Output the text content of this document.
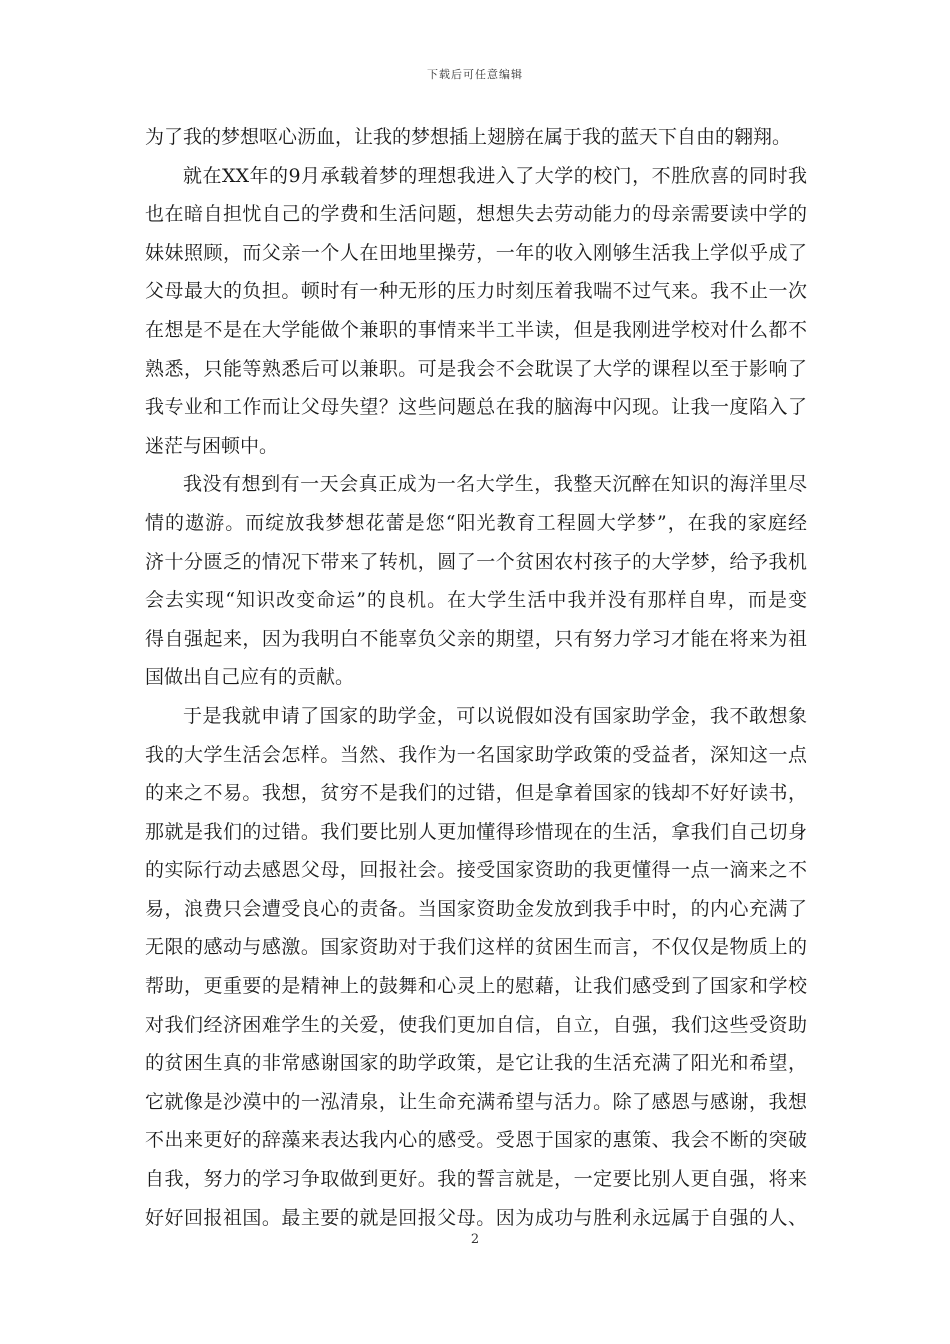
下载后可任意编辑
为了我的梦想呕心沥血，让我的梦想插上翅膀在属于我的蓝天下自由的翱翔。
就在XX年的9月承载着梦的理想我进入了大学的校门，不胜欣喜的同时我
也在暗自担忧自己的学费和生活问题，想想失去劳动能力的母亲需要读中学的
妹妹照顾，而父亲一个人在田地里操劳，一年的收入刚够生活我上学似乎成了
父母最大的负担。顿时有一种无形的压力时刻压着我喘不过气来。我不止一次
在想是不是在大学能做个兼职的事情来半工半读，但是我刚进学校对什么都不
熟悉，只能等熟悉后可以兼职。可是我会不会耽误了大学的课程以至于影响了
我专业和工作而让父母失望？这些问题总在我的脑海中闪现。让我一度陷入了
迷茫与困顿中。
我没有想到有一天会真正成为一名大学生，我整天沉醉在知识的海洋里尽
情的遨游。而绽放我梦想花蕾是您“阳光教育工程圆大学梦”，在我的家庭经
济十分匮乏的情况下带来了转机，圆了一个贫困农村孩子的大学梦，给予我机
会去实现“知识改变命运”的良机。在大学生活中我并没有那样自卑，而是变
得自强起来，因为我明白不能辜负父亲的期望，只有努力学习才能在将来为祖
国做出自己应有的贡献。
于是我就申请了国家的助学金，可以说假如没有国家助学金，我不敢想象
我的大学生活会怎样。当然、我作为一名国家助学政策的受益者，深知这一点
的来之不易。我想，贫穷不是我们的过错，但是拿着国家的钱却不好好读书，
那就是我们的过错。我们要比别人更加懂得珍惜现在的生活，拿我们自己切身
的实际行动去感恩父母，回报社会。接受国家资助的我更懂得一点一滴来之不
易，浪费只会遭受良心的责备。当国家资助金发放到我手中时，的内心充满了
无限的感动与感激。国家资助对于我们这样的贫困生而言，不仅仅是物质上的
帮助，更重要的是精神上的鼓舞和心灵上的慰藉，让我们感受到了国家和学校
对我们经济困难学生的关爱，使我们更加自信，自立，自强，我们这些受资助
的贫困生真的非常感谢国家的助学政策，是它让我的生活充满了阳光和希望，
它就像是沙漠中的一泓清泉，让生命充满希望与活力。除了感恩与感谢，我想
不出来更好的辞藻来表达我内心的感受。受恩于国家的惠策、我会不断的突破
自我，努力的学习争取做到更好。我的誓言就是，一定要比别人更自强，将来
好好回报祖国。最主要的就是回报父母。因为成功与胜利永远属于自强的人、
2
